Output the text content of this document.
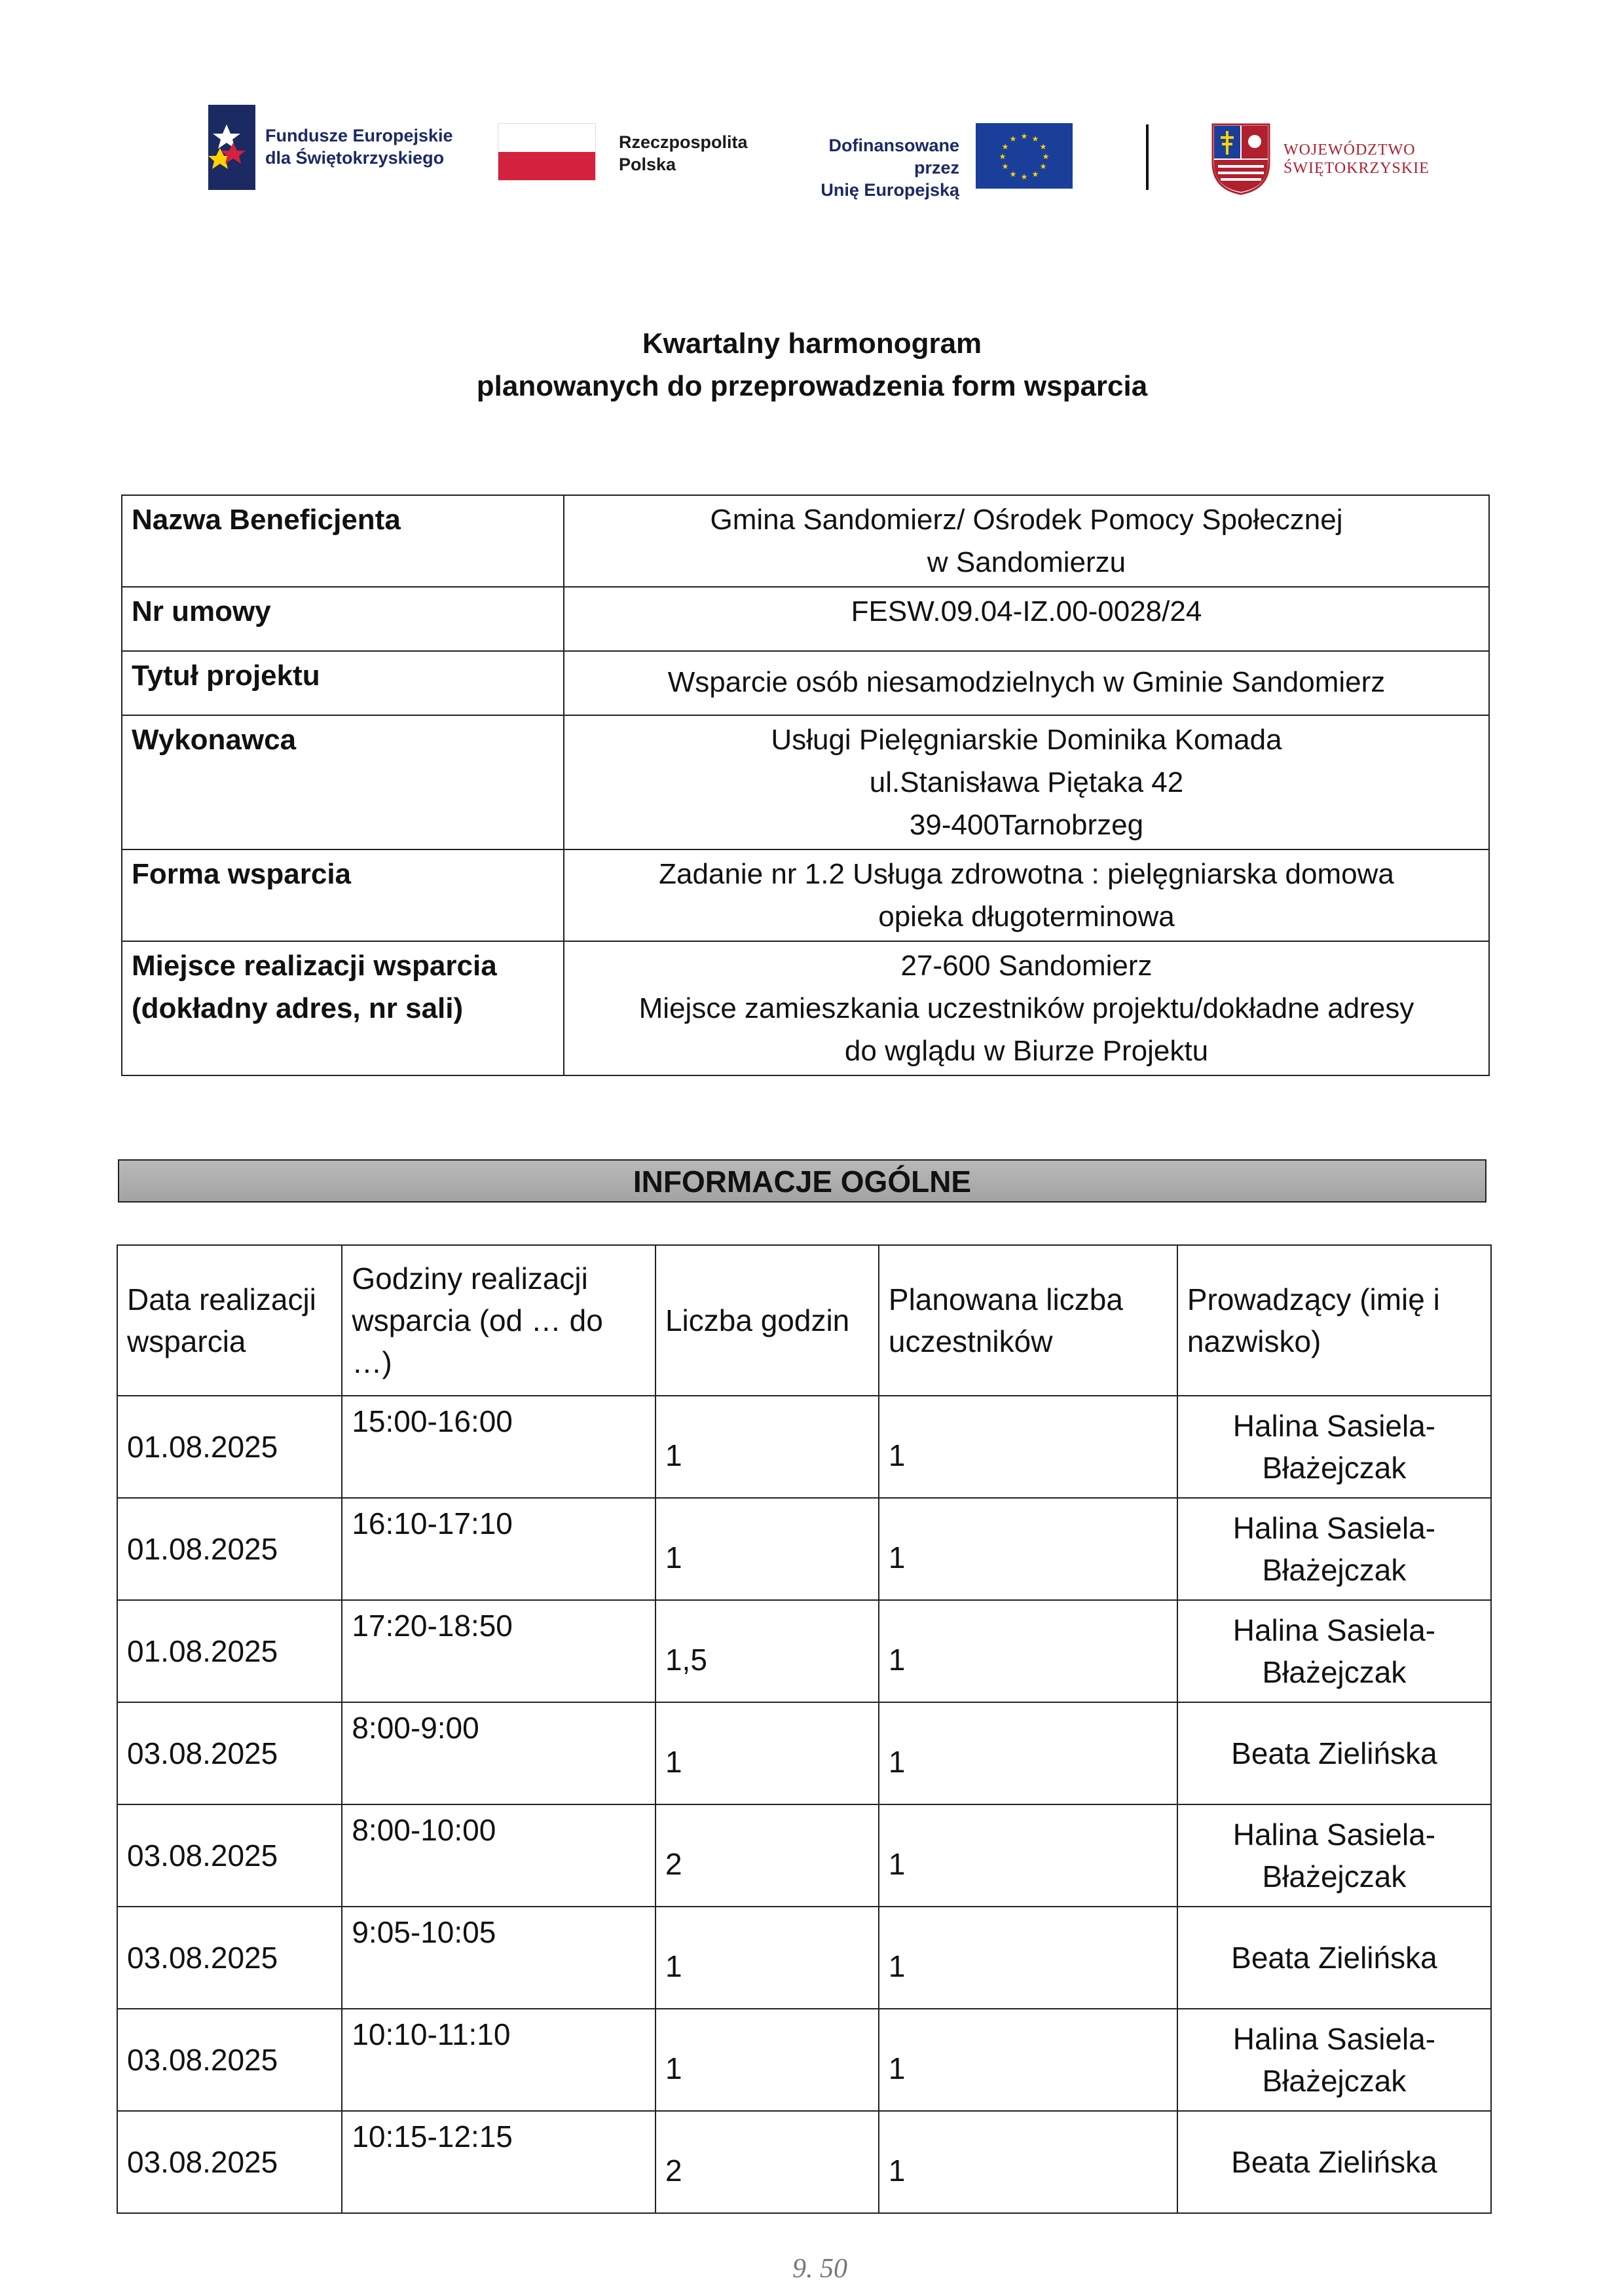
Fundusze Europejskie
dla Świętokrzyskiego
Rzeczpospolita
Polska
Dofinansowane przez
Unię Europejską
★ ★
★
★
★
★
★
★
★
★
★
★
WOJEWÓDZTWO
ŚWIĘTOKRZYSKIE
Kwartalny harmonogram
planowanych do przeprowadzenia form wsparcia
Nazwa Beneficjenta	Gmina Sandomierz/ Ośrodek Pomocy Społecznej
w Sandomierzu

Nr umowy	FESW.09.04-IZ.00-0028/24

Tytuł projektu	Wsparcie osób niesamodzielnych w Gminie Sandomierz

Wykonawca	Usługi Pielęgniarskie Dominika Komada
ul.Stanisława Piętaka 42
39-400Tarnobrzeg

Forma wsparcia	Zadanie nr 1.2 Usługa zdrowotna : pielęgniarska domowa
opieka długoterminowa

Miejsce realizacji wsparcia (dokładny adres, nr sali)	27-600 Sandomierz
Miejsce zamieszkania uczestników projektu/dokładne adresy
do wglądu w Biurze Projektu
INFORMACJE OGÓLNE
Data realizacji wsparcia	Godziny realizacji wsparcia (od … do …)	Liczba godzin	Planowana liczba uczestników	Prowadzący (imię i nazwisko)
01.08.2025	15:00-16:00	1	1	Halina Sasiela-Błażejczak
01.08.2025	16:10-17:10	1	1	Halina Sasiela-Błażejczak
01.08.2025	17:20-18:50	1,5	1	Halina Sasiela-Błażejczak
03.08.2025	8:00-9:00	1	1	Beata Zielińska
03.08.2025	8:00-10:00	2	1	Halina Sasiela-Błażejczak
03.08.2025	9:05-10:05	1	1	Beata Zielińska
03.08.2025	10:10-11:10	1	1	Halina Sasiela-Błażejczak
03.08.2025	10:15-12:15	2	1	Beata Zielińska
9. 50
